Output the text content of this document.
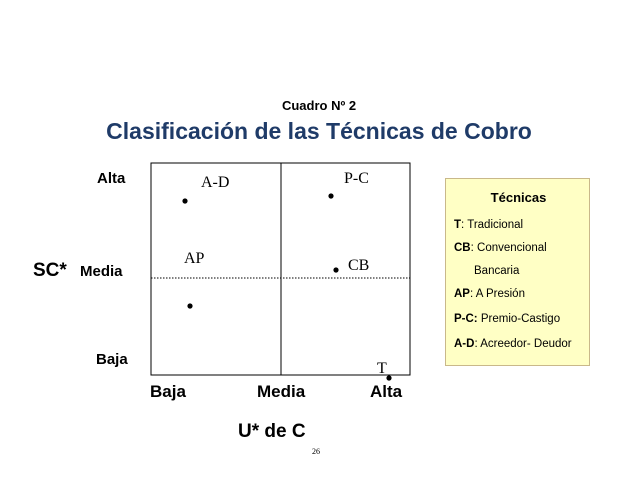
Cuadro Nº 2
Clasificación de las Técnicas de Cobro
Alta
Media
Baja
SC*
Baja	Media	Alta
U* de C
A-D	P-C
AP	CB
T
Técnicas
T: Tradicional
CB: Convencional
Bancaria
AP: A Presión
P-C: Premio-Castigo
A-D: Acreedor- Deudor
26
